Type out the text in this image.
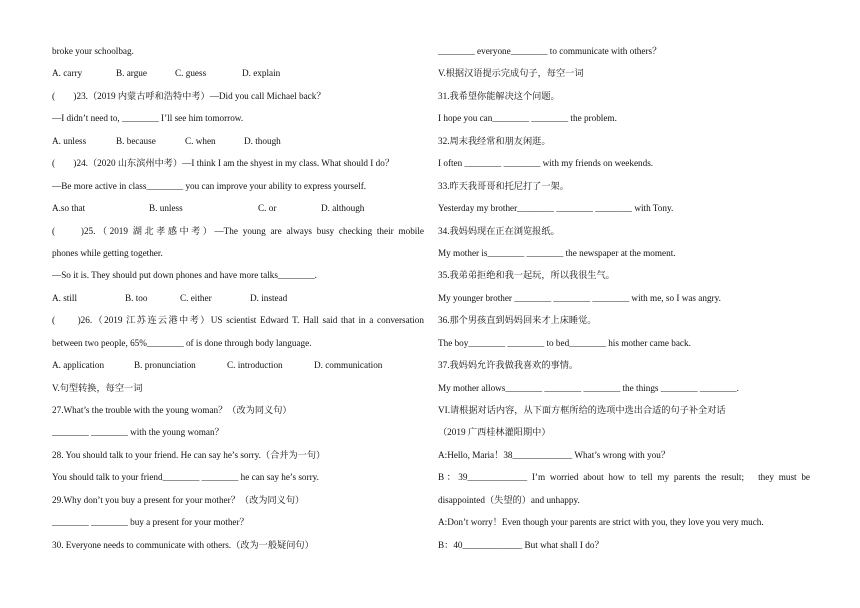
broke your schoolbag.
A. carry	B. argue	C. guess	D. explain
(　　)23.（2019 内蒙古呼和浩特中考）—Did you call Michael back？
—I didn’t need to, ________ I’ll see him tomorrow.
A. unless	B. because	C. when	D. though
(　　)24.（2020 山东滨州中考）—I think I am the shyest in my class. What should I do？
—Be more active in class________ you can improve your ability to express yourself.
A.so that	B. unless	C. or	D. although
(　　)25.（2019 湖北孝感中考）—The young are always busy checking their mobile
phones while getting together.
—So it is. They should put down phones and have more talks________.
A. still	B. too	C. either	D. instead
(　　)26.（2019 江苏连云港中考）US scientist Edward T. Hall said that in a conversation
between two people, 65%________ of is done through body language.
A. application	B. pronunciation	C. introduction	D. communication
V.句型转换，每空一词
27.What’s the trouble with the young woman？（改为同义句）
________ ________ with the young woman？
28. You should talk to your friend. He can say he’s sorry.（合并为一句）
You should talk to your friend________ ________ he can say he’s sorry.
29.Why don’t you buy a present for your mother？（改为同义句）
________ ________ buy a present for your mother？
30. Everyone needs to communicate with others.（改为一般疑问句）
________ everyone________ to communicate with others？
V.根据汉语提示完成句子，每空一词
31.我希望你能解决这个问题。
I hope you can________ ________ the problem.
32.周末我经常和朋友闲逛。
I often ________ ________ with my friends on weekends.
33.昨天我哥哥和托尼打了一架。
Yesterday my brother________ ________ ________ with Tony.
34.我妈妈现在正在浏览报纸。
My mother is________ ________ the newspaper at the moment.
35.我弟弟拒绝和我一起玩，所以我很生气。
My younger brother ________ ________ ________ with me, so I was angry.
36.那个男孩直到妈妈回来才上床睡觉。
The boy________ ________ to bed________ his mother came back.
37.我妈妈允许我做我喜欢的事情。
My mother allows________ ________ ________ the things ________ ________.
VI.请根据对话内容，从下面方框所给的选项中选出合适的句子补全对话
（2019 广西桂林灌阳期中）
A:Hello, Maria！38_____________ What’s wrong with you？
B：39_____________ I’m worried about how to tell my parents the result;　they must be
disappointed（失望的）and unhappy.
A:Don’t worry！Even though your parents are strict with you, they love you very much.
B：40_____________ But what shall I do？
